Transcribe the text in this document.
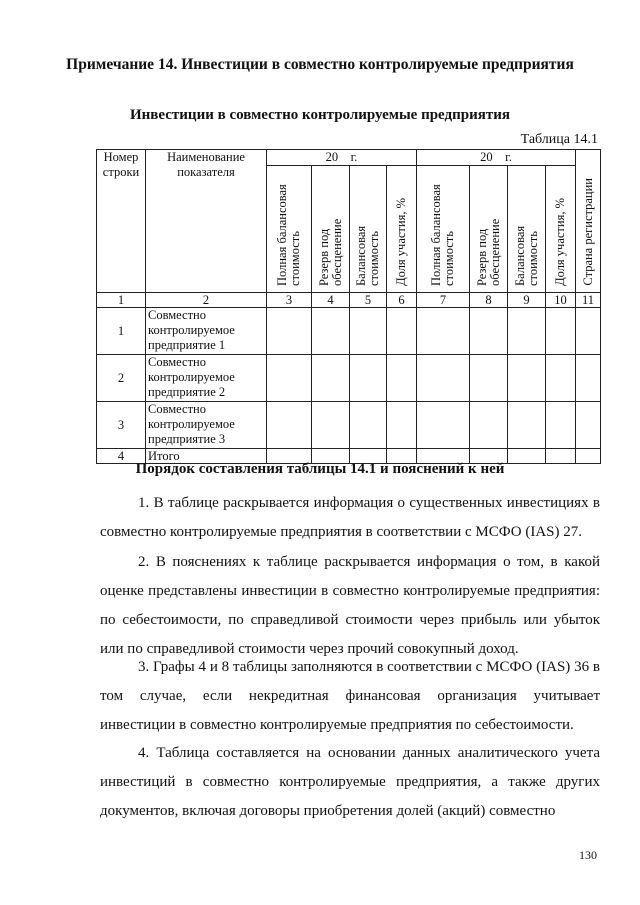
Примечание 14. Инвестиции в совместно контролируемые предприятия
Инвестиции в совместно контролируемые предприятия
Таблица 14.1
Номер строки	Наименование показателя	20    г.				20    г.				Страна регистрации
		Полная балансовая стоимость	Резерв под обесценение	Балансовая стоимость	Доля участия, %	Полная балансовая стоимость	Резерв под обесценение	Балансовая стоимость	Доля участия, %	
1	2	3	4	5	6	7	8	9	10	11
1	Совместно контролируемое предприятие 1									
2	Совместно контролируемое предприятие 2									
3	Совместно контролируемое предприятие 3									
4	Итого									
Порядок составления таблицы 14.1 и пояснений к ней
1. В таблице раскрывается информация о существенных инвестициях в совместно контролируемые предприятия в соответствии с МСФО (IAS) 27.
2. В пояснениях к таблице раскрывается информация о том, в какой оценке представлены инвестиции в совместно контролируемые предприятия: по себестоимости, по справедливой стоимости через прибыль или убыток или по справедливой стоимости через прочий совокупный доход.
3. Графы 4 и 8 таблицы заполняются в соответствии с МСФО (IAS) 36 в том случае, если некредитная финансовая организация учитывает инвестиции в совместно контролируемые предприятия по себестоимости.
4. Таблица составляется на основании данных аналитического учета инвестиций в совместно контролируемые предприятия, а также других документов, включая договоры приобретения долей (акций) совместно
130
